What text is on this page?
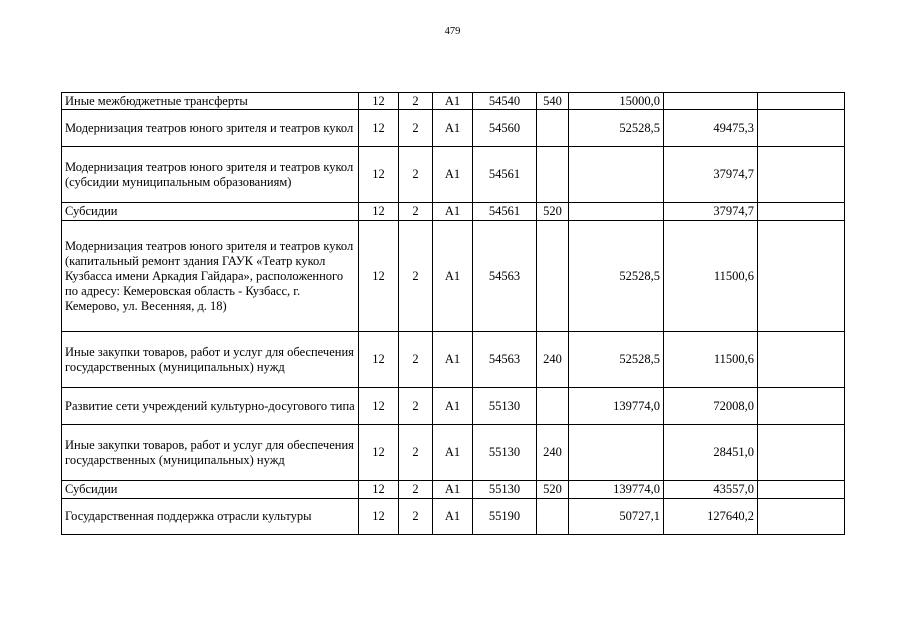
479
Иные межбюджетные трансферты	12	2	А1	54540	540	15000,0		
Модернизация театров юного зрителя и театров кукол	12	2	А1	54560		52528,5	49475,3	
Модернизация театров юного зрителя и театров кукол (субсидии муниципальным образованиям)	12	2	А1	54561			37974,7	
Субсидии	12	2	А1	54561	520		37974,7	
Модернизация театров юного зрителя и театров кукол (капитальный ремонт здания ГАУК «Театр кукол Кузбасса имени Аркадия Гайдара», расположенного по адресу: Кемеровская область - Кузбасс, г. Кемерово, ул. Весенняя, д. 18)	12	2	А1	54563		52528,5	11500,6	
Иные закупки товаров, работ и услуг для обеспечения государственных (муниципальных) нужд	12	2	А1	54563	240	52528,5	11500,6	
Развитие сети учреждений культурно-досугового типа	12	2	А1	55130		139774,0	72008,0	
Иные закупки товаров, работ и услуг для обеспечения государственных (муниципальных) нужд	12	2	А1	55130	240		28451,0	
Субсидии	12	2	А1	55130	520	139774,0	43557,0	
Государственная поддержка отрасли культуры	12	2	А1	55190		50727,1	127640,2	
